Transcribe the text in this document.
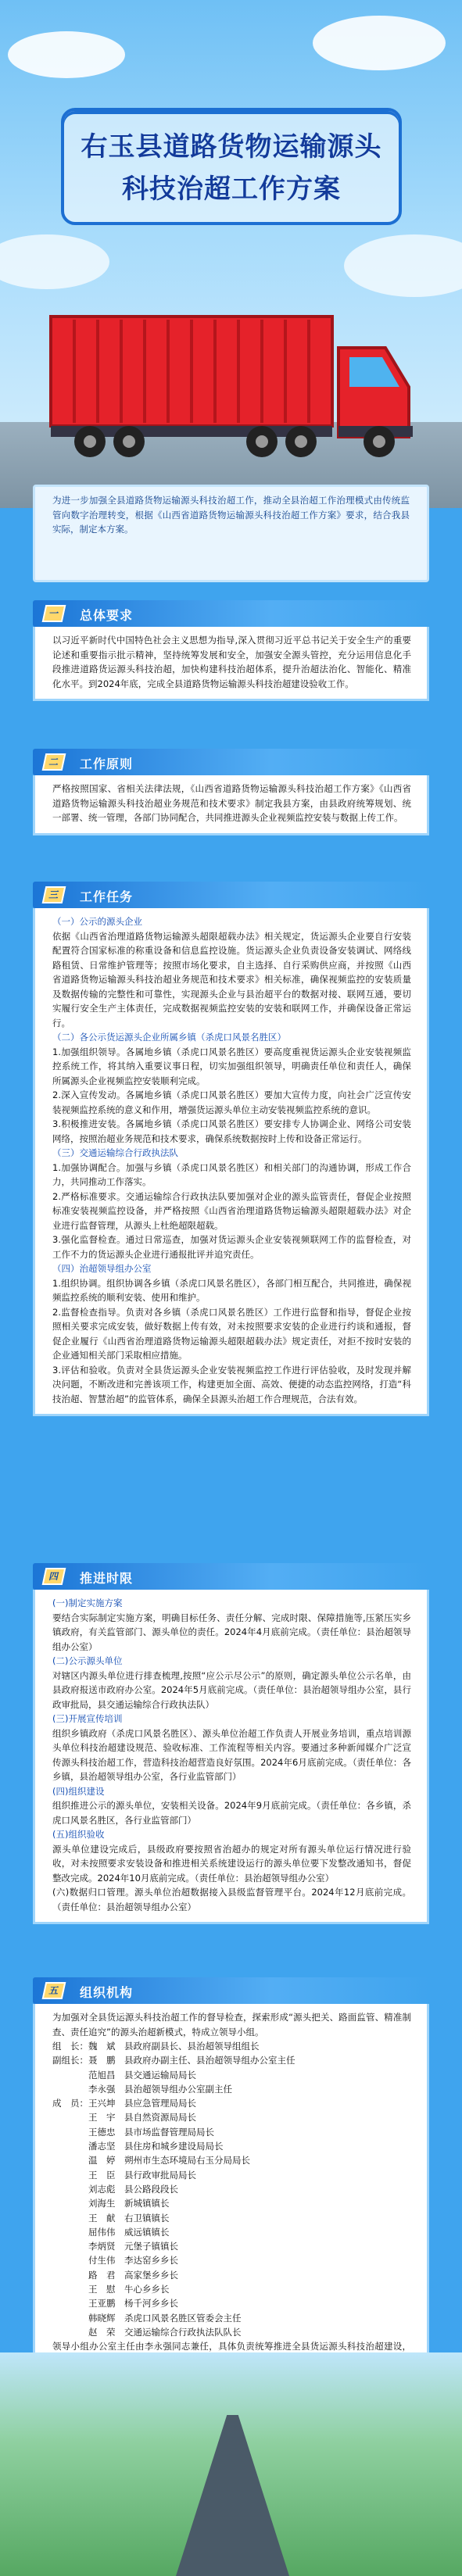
右玉县道路货物运输源头
科技治超工作方案

为进一步加强全县道路货物运输源头科技治超工作，推动全县治超工作治理模式由传统监管向数字治理转变，根据《山西省道路货物运输源头科技治超工作方案》要求，结合我县实际，制定本方案。

一	总体要求

以习近平新时代中国特色社会主义思想为指导,深入贯彻习近平总书记关于安全生产的重要论述和重要指示批示精神，坚持统筹发展和安全，加强安全源头管控，充分运用信息化手段推进道路货运源头科技治超，加快构建科技治超体系，提升治超法治化、智能化、精准化水平。到2024年底，完成全县道路货物运输源头科技治超建设验收工作。

二	工作原则

严格按照国家、省相关法律法规，《山西省道路货物运输源头科技治超工作方案》《山西省道路货物运输源头科技治超业务规范和技术要求》制定我县方案，由县政府统筹规划、统一部署、统一管理，各部门协同配合，共同推进源头企业视频监控安装与数据上传工作。

三	工作任务

（一）公示的源头企业

依据《山西省治理道路货物运输源头超限超载办法》相关规定，货运源头企业要自行安装配置符合国家标准的称重设备和信息监控设施。货运源头企业负责设备安装调试、网络线路租赁、日常维护管理等；按照市场化要求，自主选择、自行采购供应商，并按照《山西省道路货物运输源头科技治超业务规范和技术要求》相关标准，确保视频监控的安装质量及数据传输的完整性和可靠性，实现源头企业与县治超平台的数据对接、联网互通，要切实履行安全生产主体责任，完成数据视频监控安装的安装和联网工作，并确保设备正常运行。

（二）各公示货运源头企业所属乡镇（杀虎口风景名胜区）

1.加强组织领导。各属地乡镇（杀虎口风景名胜区）要高度重视货运源头企业安装视频监控系统工作，将其纳入重要议事日程，切实加强组织领导，明确责任单位和责任人，确保所属源头企业视频监控安装顺利完成。

2.深入宣传发动。各属地乡镇（杀虎口风景名胜区）要加大宣传力度，向社会广泛宣传安装视频监控系统的意义和作用，增强货运源头单位主动安装视频监控系统的意识。

3.积极推进安装。各属地乡镇（杀虎口风景名胜区）要安排专人协调企业、网络公司安装网络，按照治超业务规范和技术要求，确保系统数据按时上传和设备正常运行。

（三）交通运输综合行政执法队

1.加强协调配合。加强与乡镇（杀虎口风景名胜区）和相关部门的沟通协调，形成工作合力，共同推动工作落实。

2.严格标准要求。交通运输综合行政执法队要加强对企业的源头监管责任，督促企业按照标准安装视频监控设备，并严格按照《山西省治理道路货物运输源头超限超载办法》对企业进行监督管理，从源头上杜绝超限超载。

3.强化监督检查。通过日常巡查，加强对货运源头企业安装视频联网工作的监督检查，对工作不力的货运源头企业进行通报批评并追究责任。

（四）治超领导组办公室

1.组织协调。组织协调各乡镇（杀虎口风景名胜区），各部门相互配合，共同推进，确保视频监控系统的顺利安装、使用和维护。

2.监督检查指导。负责对各乡镇（杀虎口风景名胜区）工作进行监督和指导，督促企业按照相关要求完成安装，做好数据上传有效，对未按照要求安装的企业进行约谈和通报，督促企业履行《山西省治理道路货物运输源头超限超载办法》规定责任，对拒不按时安装的企业通知相关部门采取相应措施。

3.评估和验收。负责对全县货运源头企业安装视频监控工作进行评估验收，及时发现并解决问题，不断改进和完善该项工作，构建更加全面、高效、便捷的动态监控网络，打造“科技治超、智慧治超”的监管体系，确保全县源头治超工作合理规范，合法有效。

四	推进时限

(一)制定实施方案

要结合实际制定实施方案，明确目标任务、责任分解、完成时限、保障措施等,压紧压实乡镇政府，有关监管部门、源头单位的责任。2024年4月底前完成。（责任单位：县治超领导组办公室）

(二)公示源头单位

对辖区内源头单位进行排查梳理,按照“应公示尽公示”的原则，确定源头单位公示名单，由县政府报送市政府办公室。2024年5月底前完成。（责任单位：县治超领导组办公室，县行政审批局，县交通运输综合行政执法队）

(三)开展宣传培训

组织乡镇政府（杀虎口风景名胜区）、源头单位治超工作负责人开展业务培训，重点培训源头单位科技治超建设规范、验收标准、工作流程等相关内容。要通过多种新闻媒介广泛宣传源头科技治超工作，营造科技治超营造良好氛围。2024年6月底前完成。（责任单位：各乡镇，县治超领导组办公室，各行业监管部门）

(四)组织建设

组织推进公示的源头单位，安装相关设备。2024年9月底前完成。（责任单位：各乡镇，杀虎口风景名胜区，各行业监管部门）

(五)组织验收

源头单位建设完成后，县级政府要按照省治超办的规定对所有源头单位运行情况进行验收，对未按照要求安装设备和推进相关系统建设运行的源头单位要下发整改通知书，督促整改完成。2024年10月底前完成。（责任单位：县治超领导组办公室）

(六)数据归口管理。源头单位治超数据接入县级监督管理平台。2024年12月底前完成。（责任单位：县治超领导组办公室）

五	组织机构

为加强对全县货运源头科技治超工作的督导检查，探索形成“源头把关、路面监管、精准制查、责任追究”的源头治超新模式，特成立领导小组。

组　长：魏　斌　县政府副县长、县治超领导组组长
副组长：聂　鹏　县政府办副主任、县治超领导组办公室主任
　　　　范旭昌　县交通运输局局长
　　　　李永强　县治超领导组办公室副主任
成　员：王兴坤　县应急管理局局长
　　　　王　宇　县自然资源局局长
　　　　王德忠　县市场监督管理局局长
　　　　潘志坚　县住房和城乡建设局局长
　　　　温　婷　朔州市生态环境局右玉分局局长
　　　　王　臣　县行政审批局局长
　　　　刘志彪　县公路段段长
　　　　刘海生　新城镇镇长
　　　　王　献　右卫镇镇长
　　　　屈伟伟　威远镇镇长
　　　　李炳贤　元堡子镇镇长
　　　　付生伟　李达窑乡乡长
　　　　路　君　高家堡乡乡长
　　　　王　慰　牛心乡乡长
　　　　王亚鹏　杨千河乡乡长
　　　　韩晓辉　杀虎口风景名胜区管委会主任
　　　　赵　荣　交通运输综合行政执法队队长

领导小组办公室主任由李永强同志兼任，具体负责统筹推进全县货运源头科技治超建设，
